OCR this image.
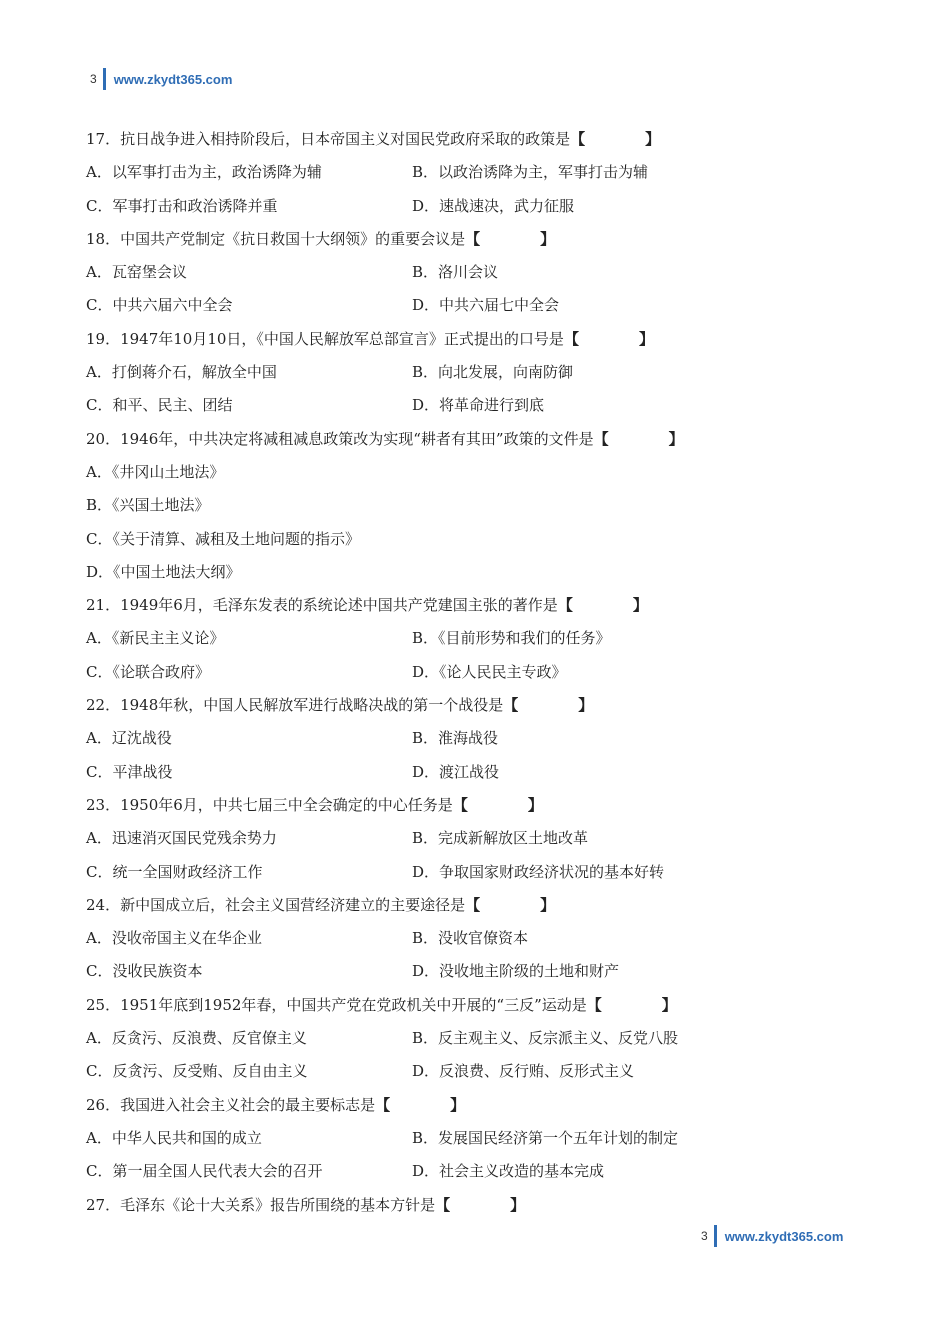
3 www.zkydt365.com
17．抗日战争进入相持阶段后，日本帝国主义对国民党政府采取的政策是 【　　　　】
A．以军事打击为主，政治诱降为辅	B．以政治诱降为主，军事打击为辅
C．军事打击和政治诱降并重	D．速战速决，武力征服
18．中国共产党制定《抗日救国十大纲领》的重要会议是 【　　　　】
A．瓦窑堡会议	B．洛川会议
C．中共六届六中全会	D．中共六届七中全会
19．1947年10月10日，《中国人民解放军总部宣言》正式提出的口号是 【　　　　】
A．打倒蒋介石，解放全中国	B．向北发展，向南防御
C．和平、民主、团结	D．将革命进行到底
20．1946年，中共决定将减租减息政策改为实现“耕者有其田”政策的文件是 【　　　　】
A．《井冈山土地法》
B．《兴国土地法》
C．《关于清算、减租及土地问题的指示》
D．《中国土地法大纲》
21．1949年6月，毛泽东发表的系统论述中国共产党建国主张的著作是 【　　　　】
A．《新民主主义论》	B．《目前形势和我们的任务》
C．《论联合政府》	D．《论人民民主专政》
22．1948年秋，中国人民解放军进行战略决战的第一个战役是 【　　　　】
A．辽沈战役	B．淮海战役
C．平津战役	D．渡江战役
23．1950年6月，中共七届三中全会确定的中心任务是 【　　　　】
A．迅速消灭国民党残余势力	B．完成新解放区土地改革
C．统一全国财政经济工作	D．争取国家财政经济状况的基本好转
24．新中国成立后，社会主义国营经济建立的主要途径是 【　　　　】
A．没收帝国主义在华企业	B．没收官僚资本
C．没收民族资本	D．没收地主阶级的土地和财产
25．1951年底到1952年春，中国共产党在党政机关中开展的“三反”运动是 【　　　　】
A．反贪污、反浪费、反官僚主义	B．反主观主义、反宗派主义、反党八股
C．反贪污、反受贿、反自由主义	D．反浪费、反行贿、反形式主义
26．我国进入社会主义社会的最主要标志是 【　　　　】
A．中华人民共和国的成立	B．发展国民经济第一个五年计划的制定
C．第一届全国人民代表大会的召开	D．社会主义改造的基本完成
27．毛泽东《论十大关系》报告所围绕的基本方针是 【　　　　】
3 www.zkydt365.com
